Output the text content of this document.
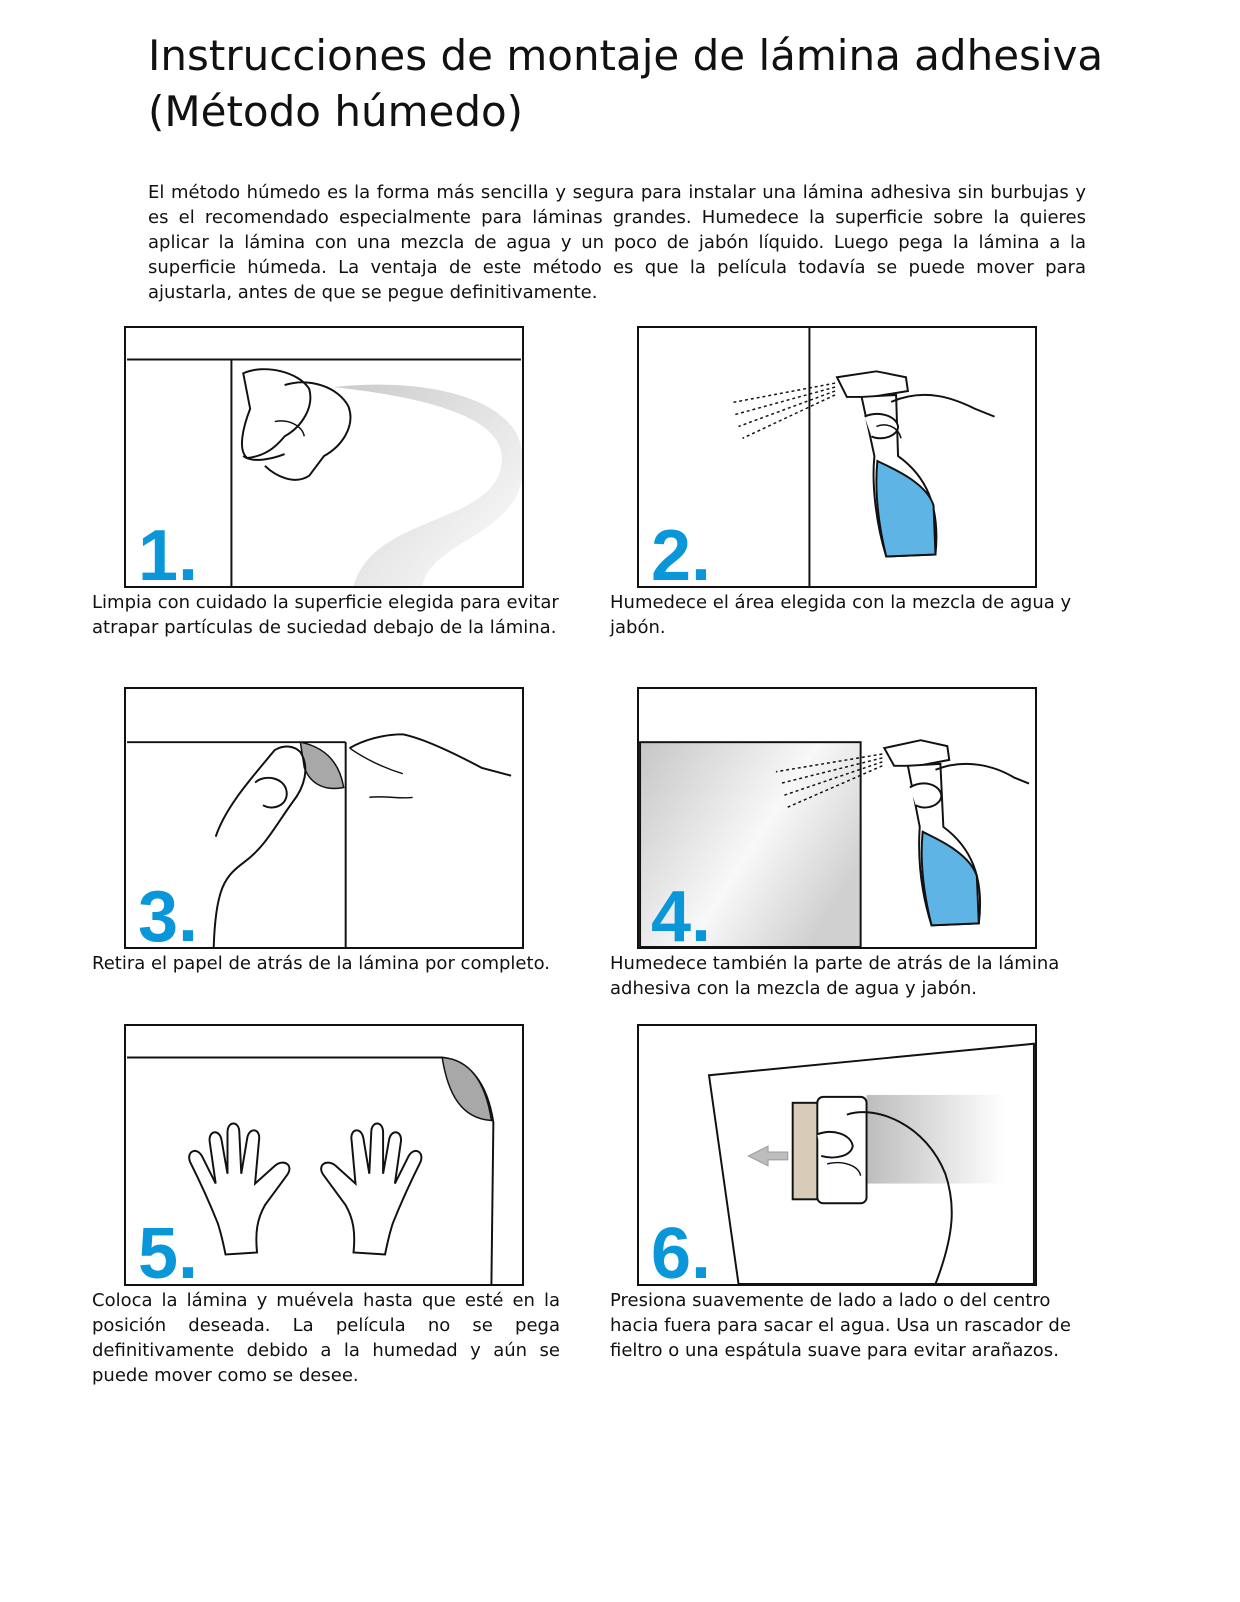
Instrucciones de montaje de lámina adhesiva
(Método húmedo)

El método húmedo es la forma más sencilla y segura para instalar una lámina adhesiva sin burbujas y es el recomendado especialmente para láminas grandes. Humedece la superficie sobre la quieres aplicar la lámina con una mezcla de agua y un poco de jabón líquido. Luego pega la lámina a la superficie húmeda. La ventaja de este método es que la película todavía se puede mover para ajustarla, antes de que se pegue definitivamente.

1.

Limpia con cuidado la superficie elegida para evitar atrapar partículas de suciedad debajo de la lámina.

2.

Humedece el área elegida con la mezcla de agua y jabón.

3.

Retira el papel de atrás de la lámina por completo.

4.

Humedece también la parte de atrás de la lámina adhesiva con la mezcla de agua y jabón.

5.

Coloca la lámina y muévela hasta que esté en la posición deseada. La película no se pega definitivamente debido a la humedad y aún se puede mover como se desee.

6.

Presiona suavemente de lado a lado o del centro hacia fuera para sacar el agua. Usa un rascador de fieltro o una espátula suave para evitar arañazos.
